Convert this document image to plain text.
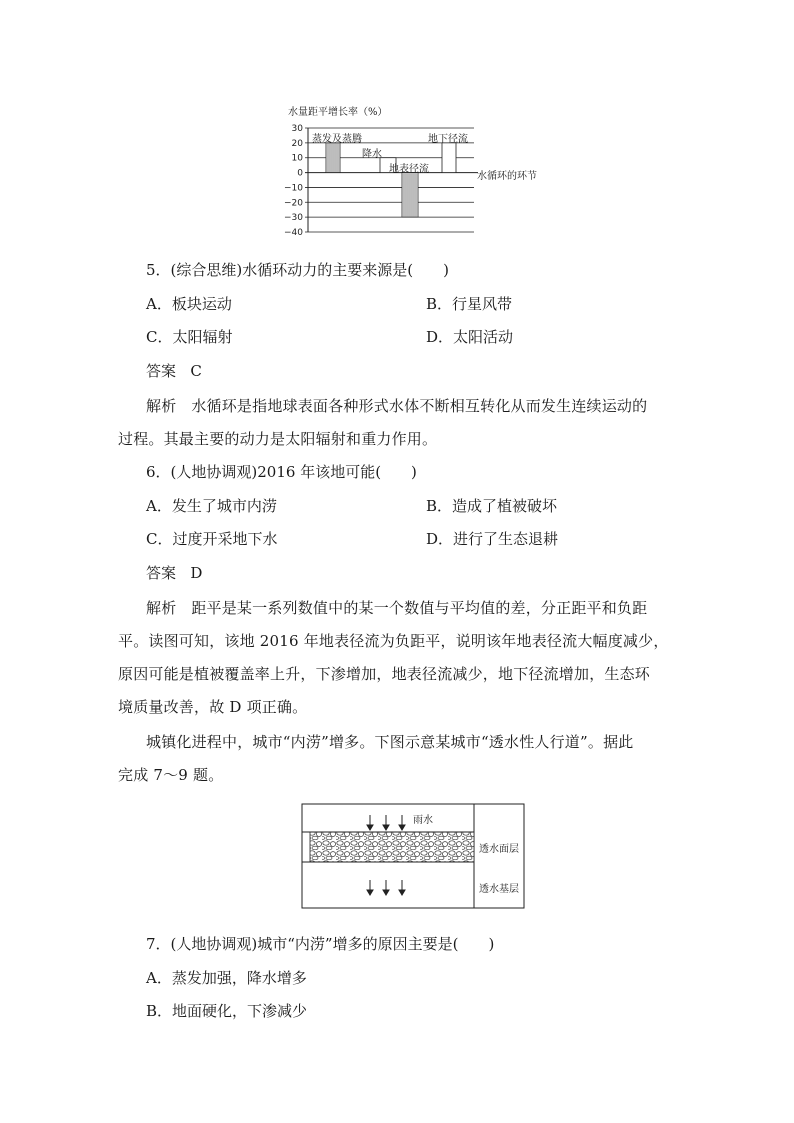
水量距平增长率（%）
30
20
10
0
−10
−20
−30
−40
蒸发及蒸腾	地下径流
降水
地表径流
水循环的环节
5．(综合思维)水循环动力的主要来源是(　　)
A．板块运动	B．行星风带
C．太阳辐射	D．太阳活动
答案 C
解析 水循环是指地球表面各种形式水体不断相互转化从而发生连续运动的
过程。其最主要的动力是太阳辐射和重力作用。
6．(人地协调观)2016 年该地可能(　　)
A．发生了城市内涝	B．造成了植被破坏
C．过度开采地下水	D．进行了生态退耕
答案 D
解析 距平是某一系列数值中的某一个数值与平均值的差，分正距平和负距
平。读图可知，该地 2016 年地表径流为负距平，说明该年地表径流大幅度减少，
原因可能是植被覆盖率上升，下渗增加，地表径流减少，地下径流增加，生态环
境质量改善，故 D 项正确。
城镇化进程中，城市“内涝”增多。下图示意某城市“透水性人行道”。据此
完成 7～9 题。
雨水
透水面层
透水基层
7．(人地协调观)城市“内涝”增多的原因主要是(　　)
A．蒸发加强，降水增多
B．地面硬化，下渗减少
